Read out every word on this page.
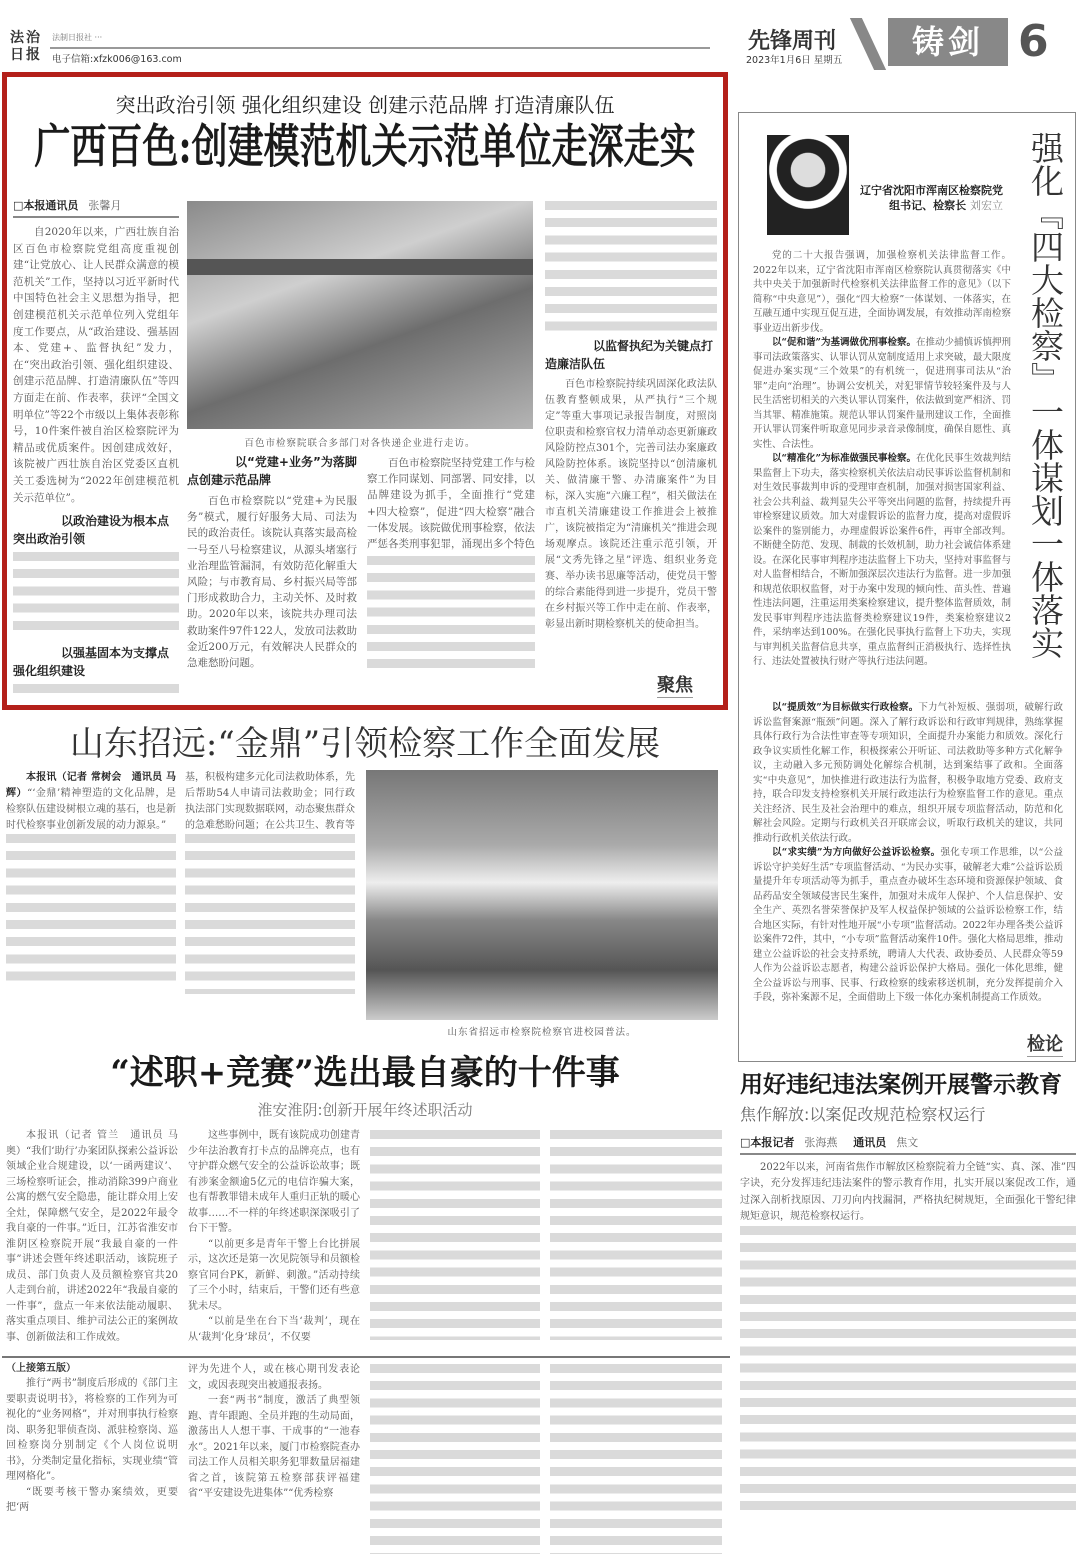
法治日报
法制日报社 ···
电子信箱:xfzk006@163.com
先锋周刊
2023年1月6日 星期五	铸剑 6
突出政治引领 强化组织建设 创建示范品牌 打造清廉队伍
广西百色:创建模范机关示范单位走深走实
□本报通讯员 张馨月

自2020年以来，广西壮族自治区百色市检察院党组高度重视创建“让党放心、让人民群众满意的模范机关”工作，坚持以习近平新时代中国特色社会主义思想为指导，把创建模范机关示范单位列入党组年度工作要点，从“政治建设、强基固本、党建+、监督执纪”发力，在“突出政治引领、强化组织建设、创建示范品牌、打造清廉队伍”等四方面走在前、作表率，获评“全国文明单位”等22个市级以上集体表彰称号，10件案件被自治区检察院评为精品或优质案件。因创建成效好，该院被广西壮族自治区党委区直机关工委选树为“2022年创建模范机关示范单位”。

以政治建设为根本点突出政治引领
以强基固本为支撑点强化组织建设
百色市检察院联合多部门对各快递企业进行走访。
以“党建+业务”为落脚点创建示范品牌

百色市检察院以“党建+为民服务”模式，履行好服务大局、司法为民的政治责任。该院认真落实最高检一号至八号检察建议，从源头堵塞行业治理监管漏洞，有效防范化解重大风险；与市教育局、乡村振兴局等部门形成救助合力，主动关怀、及时救助。2020年以来，该院共办理司法救助案件97件122人，发放司法救助金近200万元，有效解决人民群众的急难愁盼问题。

百色市检察院坚持党建工作与检察工作同谋划、同部署、同安排，以品牌建设为抓手，全面推行“党建+四大检察”，促进“四大检察”融合一体发展。该院做优刑事检察，依法严惩各类刑事犯罪，涌现出多个特色

以监督执纪为关键点打造廉洁队伍

百色市检察院持续巩固深化政法队伍教育整顿成果，从严执行“三个规定”等重大事项记录报告制度，对照岗位职责和检察官权力清单动态更新廉政风险防控点301个，完善司法办案廉政风险防控体系。该院坚持以“创清廉机关、做清廉干警、办清廉案件”为目标，深入实施“六廉工程”，相关做法在市直机关清廉建设工作推进会上被推广，该院被指定为“清廉机关”推进会现场观摩点。该院还注重示范引领，开展“文秀先锋之星”评选、组织业务竞赛、举办读书思廉等活动，使党员干警的综合素能得到进一步提升，党员干警在乡村振兴等工作中走在前、作表率，彰显出新时期检察机关的使命担当。

聚焦
辽宁省沈阳市浑南区检察院党组书记、检察长 刘宏立 强化『四大检察』一体谋划一体落实

党的二十大报告强调，加强检察机关法律监督工作。2022年以来，辽宁省沈阳市浑南区检察院认真贯彻落实《中共中央关于加强新时代检察机关法律监督工作的意见》（以下简称“中央意见”），强化“四大检察”一体谋划、一体落实，在互融互通中实现互促互进，全面协调发展，有效推动浑南检察事业迈出新步伐。

以“促和谐”为基调做优刑事检察。在推动少捕慎诉慎押刑事司法政策落实、认罪认罚从宽制度适用上求突破，最大限度促进办案实现“三个效果”的有机统一，促进刑事司法从“治罪”走向“治理”。协调公安机关，对犯罪情节较轻案件及与人民生活密切相关的六类认罪认罚案件，依法做到宽严相济、罚当其罪、精准施策。规范认罪认罚案件量刑建议工作，全面推开认罪认罚案件听取意见同步录音录像制度，确保自愿性、真实性、合法性。

以“精准化”为标准做强民事检察。在优化民事生效裁判结果监督上下功夫，落实检察机关依法启动民事诉讼监督机制和对生效民事裁判申诉的受理审查机制，加强对损害国家利益、社会公共利益、裁判显失公平等突出问题的监督，持续提升再审检察建议质效。加大对虚假诉讼的监督力度，提高对虚假诉讼案件的鉴别能力，办理虚假诉讼案件6件，再审全部改判。不断健全防范、发现、制裁的长效机制，助力社会诚信体系建设。在深化民事审判程序违法监督上下功夫，坚持对事监督与对人监督相结合，不断加强深层次违法行为监督。进一步加强和规范依职权监督，对于办案中发现的倾向性、苗头性、普遍性违法问题，注重运用类案检察建议，提升整体监督质效，制发民事审判程序违法监督类检察建议19件，类案检察建议2件，采纳率达到100%。在强化民事执行监督上下功夫，实现与审判机关监督信息共享，重点监督纠正消极执行、选择性执行、违法处置被执行财产等执行违法问题。

以“提质效”为目标做实行政检察。下力气补短板、强弱项，破解行政诉讼监督案源“瓶颈”问题。深入了解行政诉讼和行政审判规律，熟练掌握具体行政行为合法性审查等专项知识，全面提升办案能力和质效。深化行政争议实质性化解工作，积极探索公开听证、司法救助等多种方式化解争议，主动融入多元预防调处化解综合机制，达到案结事了政和。全面落实“中央意见”，加快推进行政违法行为监督，积极争取地方党委、政府支持，联合印发支持检察机关开展行政违法行为检察监督工作的意见。重点关注经济、民生及社会治理中的难点，组织开展专项监督活动，防范和化解社会风险。定期与行政机关召开联席会议，听取行政机关的建议，共同推动行政机关依法行政。

以“求实绩”为方向做好公益诉讼检察。强化专项工作思维，以“公益诉讼守护美好生活”专项监督活动、“为民办实事，破解老大难”公益诉讼质量提升年专项活动等为抓手，重点查办破坏生态环境和资源保护领域、食品药品安全领域侵害民生案件，加强对未成年人保护、个人信息保护、安全生产、英烈名誉荣誉保护及军人权益保护领域的公益诉讼检察工作，结合地区实际，有针对性地开展“小专项”监督活动。2022年办理各类公益诉讼案件72件，其中，“小专项”监督活动案件10件。强化大格局思维，推动建立公益诉讼的社会支持系统，聘请人大代表、政协委员、人民群众等59人作为公益诉讼志愿者，构建公益诉讼保护大格局。强化一体化思维，健全公益诉讼与刑事、民事、行政检察的线索移送机制，充分发挥提前介入手段，弥补案源不足，全面借助上下级一体化办案机制提高工作质效。

检论
山东招远:“金鼎”引领检察工作全面发展

本报讯（记者 常树会　通讯员 马辉）“‘金鼎’精神塑造的文化品牌，是检察队伍建设树根立魂的基石，也是新时代检察事业创新发展的动力源泉。”

基，积极构建多元化司法救助体系，先后帮助54人申请司法救助金；同行政执法部门实现数据联网，动态聚焦群众的急难愁盼问题；在公共卫生、教育等

山东省招远市检察院检察官进校园普法。
“述职+竞赛”选出最自豪的十件事
淮安淮阴:创新开展年终述职活动

本报讯（记者 管兰　通讯员 马奥）“我们‘助行’办案团队探索公益诉讼领域企业合规建设，以‘一函两建议’、三场检察听证会，推动消除399户商业公寓的燃气安全隐患，能让群众用上安全灶，保障燃气安全，是2022年最令我自豪的一件事。”近日，江苏省淮安市淮阴区检察院开展“我最自豪的一件事”讲述会暨年终述职活动，该院班子成员、部门负责人及员额检察官共20人走到台前，讲述2022年“我最自豪的一件事”，盘点一年来依法能动履职、落实重点项目、维护司法公正的案例故事、创新做法和工作成效。

这些事例中，既有该院成功创建青少年法治教育打卡点的品牌亮点，也有守护群众燃气安全的公益诉讼故事；既有涉案金额逾5亿元的电信诈骗大案，也有帮教罪错未成年人重归正轨的暖心故事……不一样的年终述职深深吸引了台下干警。

“以前更多是青年干警上台比拼展示，这次还是第一次见院领导和员额检察官同台PK，新鲜、刺激。”活动持续了三个小时，结束后，干警们还有些意犹未尽。

“以前是坐在台下当‘裁判’，现在从‘裁判’化身‘球员’，不仅要

（上接第五版）

推行“两书”制度后形成的《部门主要职责说明书》，将检察的工作列为可视化的“业务网格”，并对刑事执行检察岗、职务犯罪侦查岗、派驻检察岗、巡回检察岗分别制定《个人岗位说明书》，分类制定量化指标，实现业绩“管理网格化”。

“既要考核干警办案绩效，更要把‘两

评为先进个人，或在核心期刊发表论文，或因表现突出被通报表扬。

一套“两书”制度，激活了典型领跑、青年跟跑、全员并跑的生动局面，激荡出人人想干事、干成事的“一池春水”。2021年以来，厦门市检察院查办司法工作人员相关职务犯罪数量居福建省之首，该院第五检察部获评福建省“平安建设先进集体”“优秀检察

用好违纪违法案例开展警示教育
焦作解放:以案促改规范检察权运行
□本报记者 张海燕 通讯员 焦文

2022年以来，河南省焦作市解放区检察院着力全链“实、真、深、准”四字诀，充分发挥违纪违法案件的警示教育作用，扎实开展以案促改工作，通过深入剖析找原因、刀刃向内找漏洞，严格执纪树规矩，全面强化干警纪律规矩意识，规范检察权运行。
